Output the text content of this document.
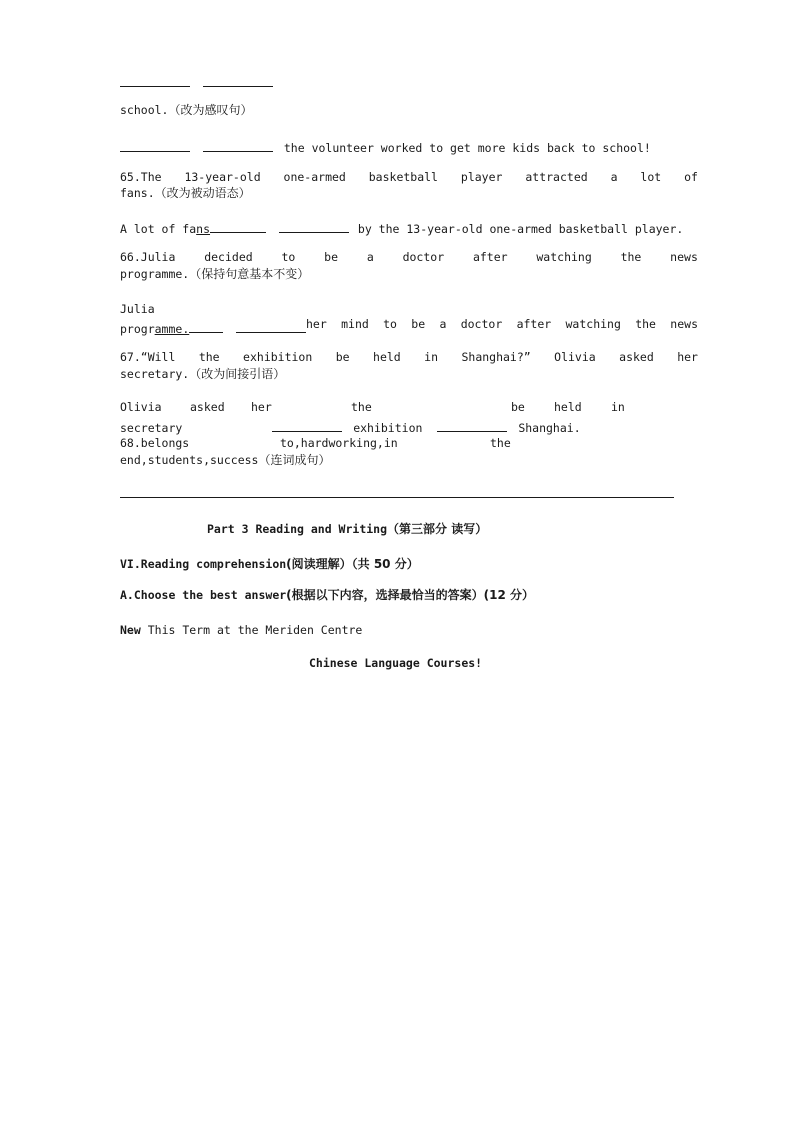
school.（改为感叹句）
the volunteer worked to get more kids back to school!
65.The 13-year-old one-armed basketball player attracted a lot of
fans.（改为被动语态）
A lot of fans	by the 13-year-old one-armed basketball player.
66.Julia	decided	to	be	a	doctor	after	watching	the	news
programme.（保持句意基本不变）
Julia
her mind to be a doctor after watching the news
programme.
67.“Will the exhibition be held in Shanghai?” Olivia asked her
secretary.（改为间接引语）
Olivia asked her	the	be	held	in
secretary	exhibition	Shanghai.
68.belongs	to,hardworking,in	the
end,students,success（连词成句）
Part 3 Reading and Writing（第三部分 读写）
VI.Reading comprehension(阅读理解）（共 50 分）
A.Choose the best answer(根据以下内容，选择最恰当的答案）(12 分）
New This Term at the Meriden Centre
Chinese Language Courses!
